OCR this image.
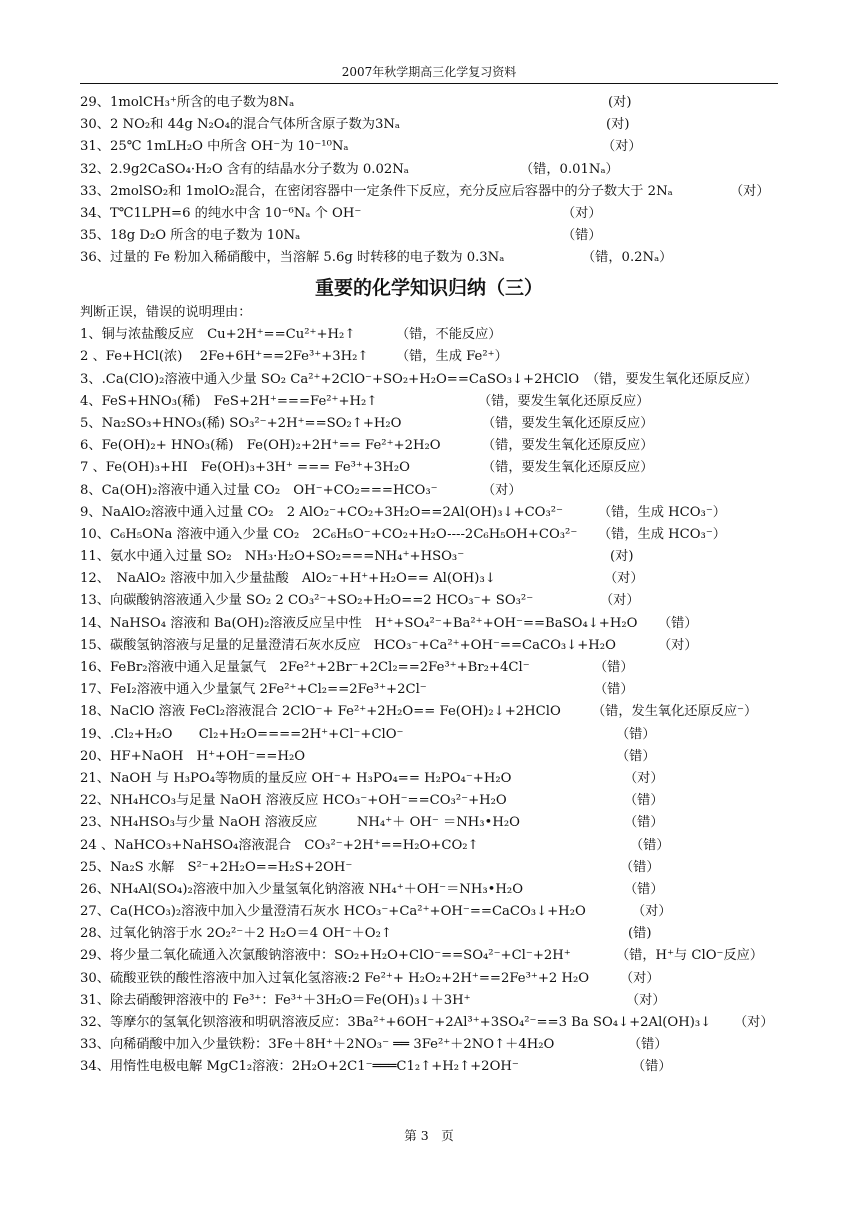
2007年秋学期高三化学复习资料
29、1molCH₃⁺所含的电子数为8Nₐ	(对)
30、2 NO₂和 44g N₂O₄的混合气体所含原子数为3Nₐ	(对)
31、25℃ 1mLH₂O 中所含 OH⁻为 10⁻¹⁰Nₐ	（对）
32、2.9g2CaSO₄·H₂O 含有的结晶水分子数为 0.02Nₐ	（错，0.01Nₐ）
33、2molSO₂和 1molO₂混合，在密闭容器中一定条件下反应，充分反应后容器中的分子数大于 2Nₐ	（对）
34、T℃1LPH=6 的纯水中含 10⁻⁶Nₐ 个 OH⁻	（对）
35、18g D₂O 所含的电子数为 10Nₐ	（错）
36、过量的 Fe 粉加入稀硝酸中，当溶解 5.6g 时转移的电子数为 0.3Nₐ	（错，0.2Nₐ）
重要的化学知识归纳（三）
判断正误，错误的说明理由：
1、铜与浓盐酸反应　Cu+2H⁺==Cu²⁺+H₂↑	（错，不能反应）
2 、Fe+HCl(浓)　 2Fe+6H⁺==2Fe³⁺+3H₂↑ （错，生成 Fe²⁺）
3、.Ca(ClO)₂溶液中通入少量 SO₂ Ca²⁺+2ClO⁻+SO₂+H₂O==CaSO₃↓+2HClO （错，要发生氧化还原反应）
4、FeS+HNO₃(稀)　FeS+2H⁺===Fe²⁺+H₂↑	（错，要发生氧化还原反应）
5、Na₂SO₃+HNO₃(稀) SO₃²⁻+2H⁺==SO₂↑+H₂O	（错，要发生氧化还原反应）
6、Fe(OH)₂+ HNO₃(稀)　Fe(OH)₂+2H⁺== Fe²⁺+2H₂O	（错，要发生氧化还原反应）
7 、Fe(OH)₃+HI　Fe(OH)₃+3H⁺ === Fe³⁺+3H₂O	（错，要发生氧化还原反应）
8、Ca(OH)₂溶液中通入过量 CO₂　OH⁻+CO₂===HCO₃⁻	（对）
9、NaAlO₂溶液中通入过量 CO₂　2 AlO₂⁻+CO₂+3H₂O==2Al(OH)₃↓+CO₃²⁻	（错，生成 HCO₃⁻）
10、C₆H₅ONa 溶液中通入少量 CO₂　2C₆H₅O⁻+CO₂+H₂O----2C₆H₅OH+CO₃²⁻ （错，生成 HCO₃⁻）
11、氨水中通入过量 SO₂　NH₃·H₂O+SO₂===NH₄⁺+HSO₃⁻	(对)
12、　NaAlO₂ 溶液中加入少量盐酸　AlO₂⁻+H⁺+H₂O== Al(OH)₃↓	（对）
13、向碳酸钠溶液通入少量 SO₂ 2 CO₃²⁻+SO₂+H₂O==2 HCO₃⁻+ SO₃²⁻	（对）
14、NaHSO₄ 溶液和 Ba(OH)₂溶液反应呈中性　H⁺+SO₄²⁻+Ba²⁺+OH⁻==BaSO₄↓+H₂O （错）
15、碳酸氢钠溶液与足量的足量澄清石灰水反应　HCO₃⁻+Ca²⁺+OH⁻==CaCO₃↓+H₂O	（对）
16、FeBr₂溶液中通入足量氯气　2Fe²⁺+2Br⁻+2Cl₂==2Fe³⁺+Br₂+4Cl⁻	（错）
17、FeI₂溶液中通入少量氯气 2Fe²⁺+Cl₂==2Fe³⁺+2Cl⁻	（错）
18、NaClO 溶液 FeCl₂溶液混合 2ClO⁻+ Fe²⁺+2H₂O== Fe(OH)₂↓+2HClO （错，发生氧化还原反应⁻）
19、.Cl₂+H₂O　　Cl₂+H₂O====2H⁺+Cl⁻+ClO⁻	（错）
20、HF+NaOH　H⁺+OH⁻==H₂O	（错）
21、NaOH 与 H₃PO₄等物质的量反应 OH⁻+ H₃PO₄== H₂PO₄⁻+H₂O	（对）
22、NH₄HCO₃与足量 NaOH 溶液反应 HCO₃⁻+OH⁻==CO₃²⁻+H₂O	（错）
23、NH₄HSO₃与少量 NaOH 溶液反应　　　NH₄⁺＋ OH⁻ ＝NH₃•H₂O	（错）
24 、NaHCO₃+NaHSO₄溶液混合　CO₃²⁻+2H⁺==H₂O+CO₂↑	（错）
25、Na₂S 水解　S²⁻+2H₂O==H₂S+2OH⁻	（错）
26、NH₄Al(SO₄)₂溶液中加入少量氢氧化钠溶液 NH₄⁺＋OH⁻＝NH₃•H₂O	（错）
27、Ca(HCO₃)₂溶液中加入少量澄清石灰水 HCO₃⁻+Ca²⁺+OH⁻==CaCO₃↓+H₂O	（对）
28、过氧化钠溶于水 2O₂²⁻＋2 H₂O＝4 OH⁻＋O₂↑	(错)
29、将少量二氧化硫通入次氯酸钠溶液中：SO₂+H₂O+ClO⁻==SO₄²⁻+Cl⁻+2H⁺	（错，H⁺与 ClO⁻反应）
30、硫酸亚铁的酸性溶液中加入过氧化氢溶液:2 Fe²⁺+ H₂O₂+2H⁺==2Fe³⁺+2 H₂O （对）
31、除去硝酸钾溶液中的 Fe³⁺：Fe³⁺＋3H₂O＝Fe(OH)₃↓＋3H⁺	（对）
32、等摩尔的氢氧化钡溶液和明矾溶液反应：3Ba²⁺+6OH⁻+2Al³⁺+3SO₄²⁻==3 Ba SO₄↓+2Al(OH)₃↓ （对）
33、向稀硝酸中加入少量铁粉：3Fe＋8H⁺＋2NO₃⁻ ══ 3Fe²⁺＋2NO↑＋4H₂O	（错）
34、用惰性电极电解 MgC1₂溶液：2H₂O+2C1⁻═══C1₂↑+H₂↑+2OH⁻	（错）
第 3　页
